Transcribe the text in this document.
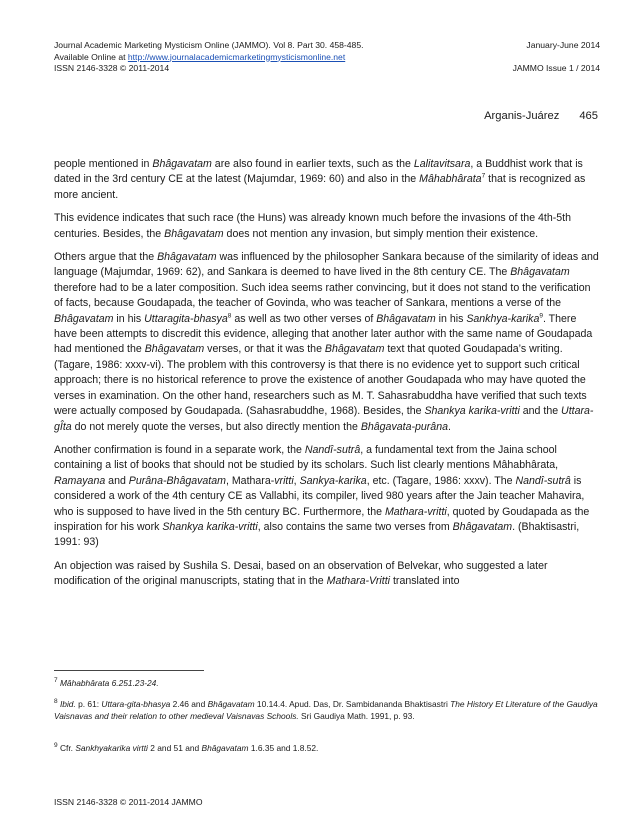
Journal Academic Marketing Mysticism Online (JAMMO). Vol 8. Part 30. 458-485.	January-June 2014
Available Online at http://www.journalacademicmarketingmysticismonline.net
ISSN 2146-3328 © 2011-2014	JAMMO Issue 1 / 2014
Arganis-Juárez 465

people mentioned in Bhâgavatam are also found in earlier texts, such as the Lalitavitsara, a Buddhist work that is dated in the 3rd century CE at the latest (Majumdar, 1969: 60) and also in the Mâhabhârata$^7$ that is recognized as more ancient.

This evidence indicates that such race (the Huns) was already known much before the invasions of the 4th-5th centuries. Besides, the Bhâgavatam does not mention any invasion, but simply mention their existence.

Others argue that the Bhâgavatam was influenced by the philosopher Sankara because of the similarity of ideas and language (Majumdar, 1969: 62), and Sankara is deemed to have lived in the 8th century CE. The Bhâgavatam therefore had to be a later composition. Such idea seems rather convincing, but it does not stand to the verification of facts, because Goudapada, the teacher of Govinda, who was teacher of Sankara, mentions a verse of the Bhâgavatam in his Uttaragita-bhasya$^8$ as well as two other verses of Bhâgavatam in his Sankhya-karika$^9$. There have been attempts to discredit this evidence, alleging that another later author with the same name of Goudapada had mentioned the Bhâgavatam verses, or that it was the Bhâgavatam text that quoted Goudapada’s writing. (Tagare, 1986: xxxv-vi). The problem with this controversy is that there is no evidence yet to support such critical approach; there is no historical reference to prove the existence of another Goudapada who may have quoted the verses in examination. On the other hand, researchers such as M. T. Sahasrabuddha have verified that such texts were actually composed by Goudapada. (Sahasrabuddhe, 1968). Besides, the Shankya karika-vritti and the Uttara-gÎta do not merely quote the verses, but also directly mention the Bhâgavata-purâna.

Another confirmation is found in a separate work, the Nandî-sutrâ, a fundamental text from the Jaina school containing a list of books that should not be studied by its scholars. Such list clearly mentions Mâhabhârata, Ramayana and Purâna-Bhâgavatam, Mathara-vritti, Sankya-karika, etc. (Tagare, 1986: xxxv). The Nandî-sutrâ is considered a work of the 4th century CE as Vallabhi, its compiler, lived 980 years after the Jain teacher Mahavira, who is supposed to have lived in the 5th century BC. Furthermore, the Mathara-vritti, quoted by Goudapada as the inspiration for his work Shankya karika-vritti, also contains the same two verses from Bhâgavatam. (Bhaktisastri, 1991: 93)

An objection was raised by Sushila S. Desai, based on an observation of Belvekar, who suggested a later modification of the original manuscripts, stating that in the Mathara-Vritti translated into

$^7$ Mâhabhârata 6.251.23-24.
$^8$ Ibid. p. 61: Uttara-gita-bhasya 2.46 and Bhâgavatam 10.14.4. Apud. Das, Dr. Sambidananda Bhaktisastri The History Et Literature of the Gaudiya Vaisnavas and their relation to other medieval Vaisnavas Schools. Sri Gaudiya Math. 1991, p. 93.
$^9$ Cfr. Sankhyakarika virtti 2 and 51 and Bhâgavatam 1.6.35 and 1.8.52.
ISSN 2146-3328 © 2011-2014 JAMMO
